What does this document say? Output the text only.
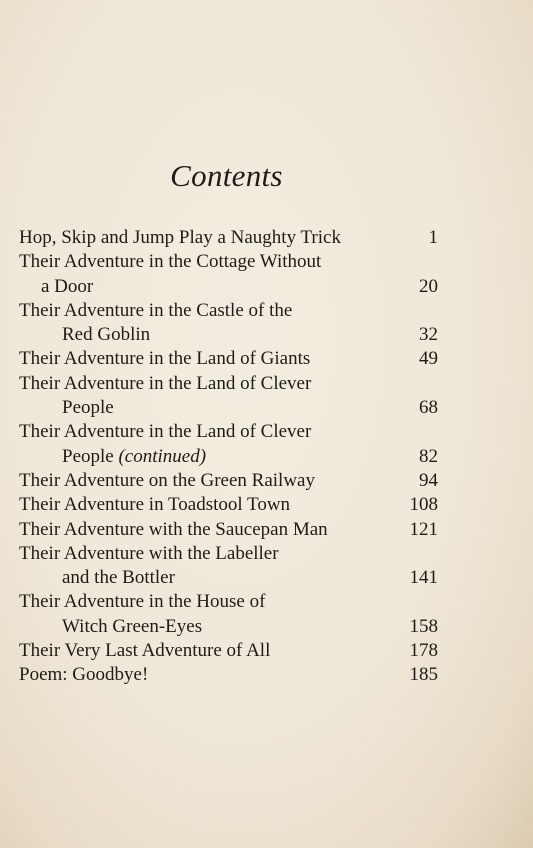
Contents
Hop, Skip and Jump Play a Naughty Trick	1
Their Adventure in the Cottage Without
a Door	20
Their Adventure in the Castle of the
Red Goblin	32
Their Adventure in the Land of Giants	49
Their Adventure in the Land of Clever
People	68
Their Adventure in the Land of Clever
People (continued)	82
Their Adventure on the Green Railway	94
Their Adventure in Toadstool Town	108
Their Adventure with the Saucepan Man	121
Their Adventure with the Labeller
and the Bottler	141
Their Adventure in the House of
Witch Green-Eyes	158
Their Very Last Adventure of All	178
Poem: Goodbye!	185
